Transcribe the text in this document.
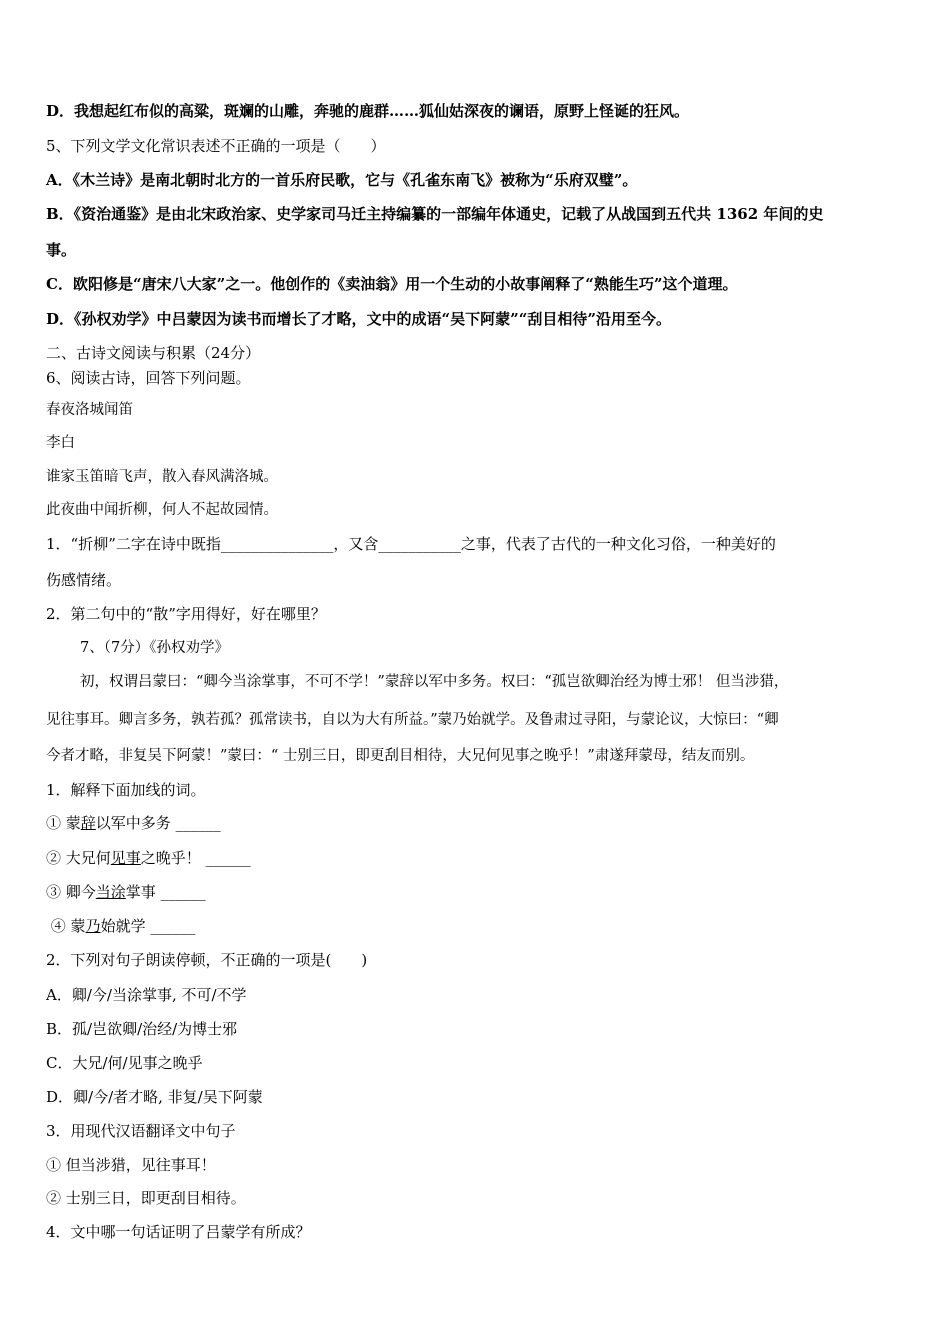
D．我想起红布似的高粱，斑斓的山雕，奔驰的鹿群……狐仙姑深夜的谰语，原野上怪诞的狂风。
5、下列文学文化常识表述不正确的一项是（　　）
A．《木兰诗》是南北朝时北方的一首乐府民歌，它与《孔雀东南飞》被称为“乐府双璧”。
B．《资治通鉴》是由北宋政治家、史学家司马迁主持编纂的一部编年体通史，记载了从战国到五代共 1362 年间的史
事。
C．欧阳修是“唐宋八大家”之一。他创作的《卖油翁》用一个生动的小故事阐释了“熟能生巧”这个道理。
D．《孙权劝学》中吕蒙因为读书而增长了才略，文中的成语“吴下阿蒙”“刮目相待”沿用至今。
二、古诗文阅读与积累（24分）
6、阅读古诗，回答下列问题。
春夜洛城闻笛
李白
谁家玉笛暗飞声，散入春风满洛城。
此夜曲中闻折柳，何人不起故园情。
1．“折柳”二字在诗中既指_______________，又含___________之事，代表了古代的一种文化习俗，一种美好的
伤感情绪。
2．第二句中的“散”字用得好，好在哪里？
7、（7分）《孙权劝学》
初，权谓吕蒙曰：“卿今当涂掌事，不可不学！”蒙辞以军中多务。权曰：“孤岂欲卿治经为博士邪！ 但当涉猎，
见往事耳。卿言多务，孰若孤？孤常读书，自以为大有所益。”蒙乃始就学。及鲁肃过寻阳，与蒙论议，大惊曰：“卿
今者才略，非复吴下阿蒙！”蒙曰：“ 士别三日，即更刮目相待，大兄何见事之晚乎！”肃遂拜蒙母，结友而别。
1．解释下面加线的词。
① 蒙辞以军中多务 ______
② 大兄何见事之晚乎！ ______
③ 卿今当涂掌事 ______
④ 蒙乃始就学 ______
2．下列对句子朗读停顿，不正确的一项是(　　)
A．卿/今/当涂掌事, 不可/不学
B．孤/岂欲卿/治经/为博士邪
C．大兄/何/见事之晚乎
D．卿/今/者才略, 非复/吴下阿蒙
3．用现代汉语翻译文中句子
① 但当涉猎，见往事耳！
② 士别三日，即更刮目相待。
4．文中哪一句话证明了吕蒙学有所成？
